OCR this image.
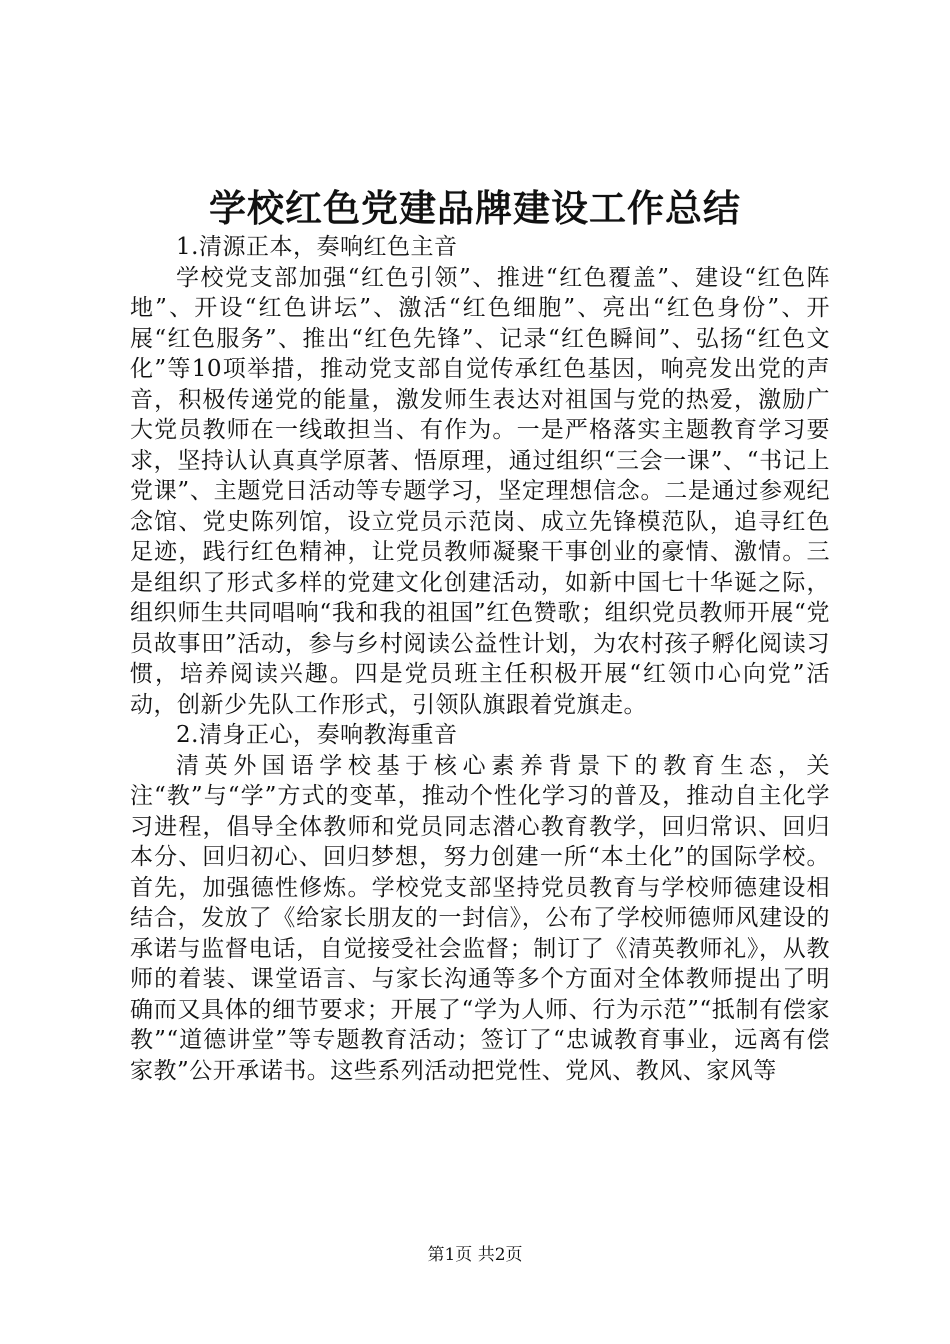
学校红色党建品牌建设工作总结

1.清源正本，奏响红色主音

学校党支部加强“红色引领”、推进“红色覆盖”、建设“红色阵地”、开设“红色讲坛”、激活“红色细胞”、亮出“红色身份”、开展“红色服务”、推出“红色先锋”、记录“红色瞬间”、弘扬“红色文化”等10项举措，推动党支部自觉传承红色基因，响亮发出党的声音，积极传递党的能量，激发师生表达对祖国与党的热爱，激励广大党员教师在一线敢担当、有作为。一是严格落实主题教育学习要求，坚持认认真真学原著、悟原理，通过组织“三会一课”、“书记上党课”、主题党日活动等专题学习，坚定理想信念。二是通过参观纪念馆、党史陈列馆，设立党员示范岗、成立先锋模范队，追寻红色足迹，践行红色精神，让党员教师凝聚干事创业的豪情、激情。三是组织了形式多样的党建文化创建活动，如新中国七十华诞之际，组织师生共同唱响“我和我的祖国”红色赞歌；组织党员教师开展“党员故事田”活动，参与乡村阅读公益性计划，为农村孩子孵化阅读习惯，培养阅读兴趣。四是党员班主任积极开展“红领巾心向党”活动，创新少先队工作形式，引领队旗跟着党旗走。

2.清身正心，奏响教海重音

清英外国语学校基于核心素养背景下的教育生态，关注“教”与“学”方式的变革，推动个性化学习的普及，推动自主化学习进程，倡导全体教师和党员同志潜心教育教学，回归常识、回归本分、回归初心、回归梦想，努力创建一所“本土化”的国际学校。首先，加强德性修炼。学校党支部坚持党员教育与学校师德建设相结合，发放了《给家长朋友的一封信》，公布了学校师德师风建设的承诺与监督电话，自觉接受社会监督；制订了《清英教师礼》，从教师的着装、课堂语言、与家长沟通等多个方面对全体教师提出了明确而又具体的细节要求；开展了“学为人师、行为示范”“抵制有偿家教”“道德讲堂”等专题教育活动；签订了“忠诚教育事业，远离有偿家教”公开承诺书。这些系列活动把党性、党风、教风、家风等

第1页 共2页
